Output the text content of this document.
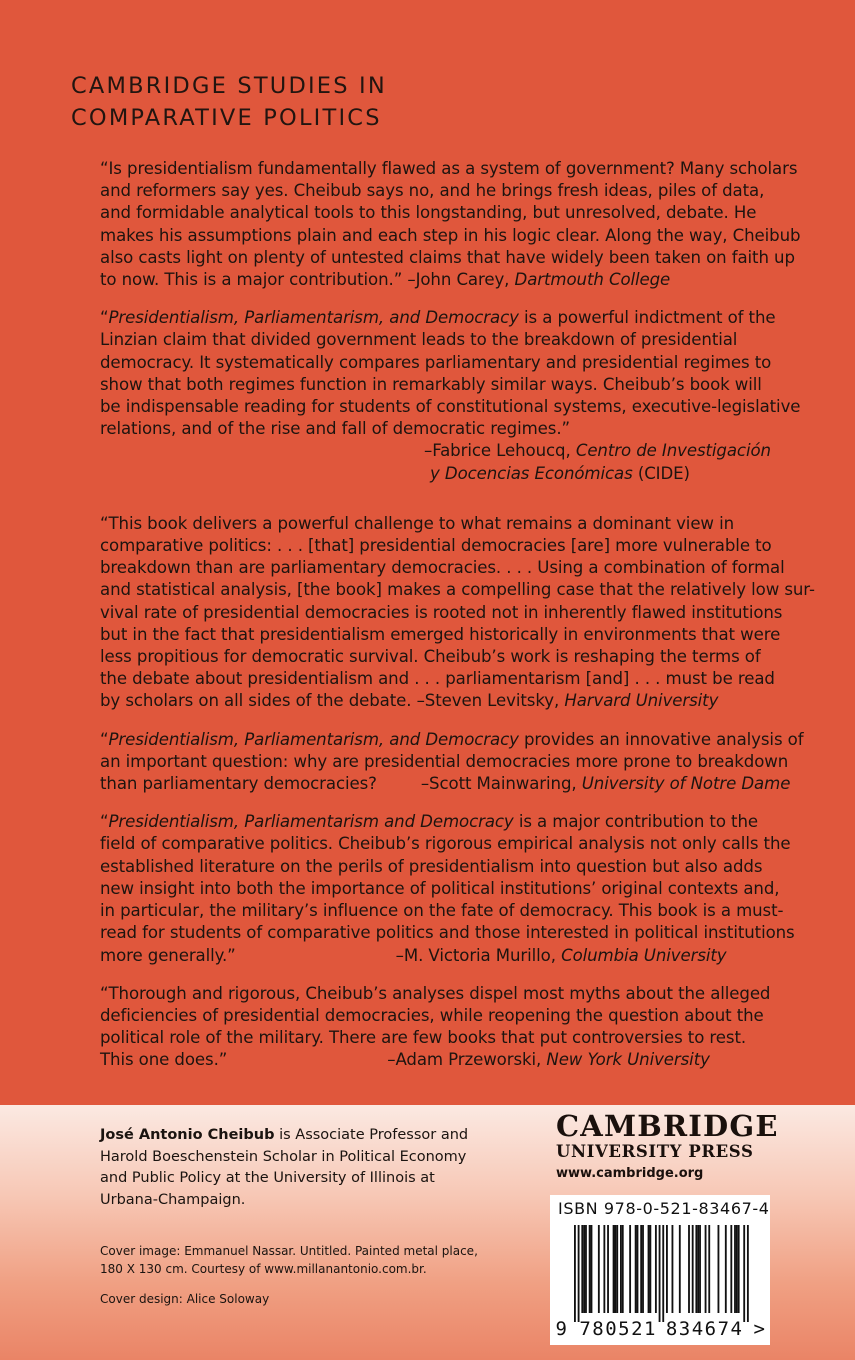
CAMBRIDGE STUDIES IN
COMPARATIVE POLITICS
“Is presidentialism fundamentally flawed as a system of government? Many scholars
and reformers say yes. Cheibub says no, and he brings fresh ideas, piles of data,
and formidable analytical tools to this longstanding, but unresolved, debate. He
makes his assumptions plain and each step in his logic clear. Along the way, Cheibub
also casts light on plenty of untested claims that have widely been taken on faith up
to now. This is a major contribution.” –John Carey, Dartmouth College
“Presidentialism, Parliamentarism, and Democracy is a powerful indictment of the
Linzian claim that divided government leads to the breakdown of presidential
democracy. It systematically compares parliamentary and presidential regimes to
show that both regimes function in remarkably similar ways. Cheibub’s book will
be indispensable reading for students of constitutional systems, executive-legislative
relations, and of the rise and fall of democratic regimes.”
–Fabrice Lehoucq, Centro de Investigación
y Docencias Económicas (CIDE)
“This book delivers a powerful challenge to what remains a dominant view in
comparative politics: . . . [that] presidential democracies [are] more vulnerable to
breakdown than are parliamentary democracies. . . . Using a combination of formal
and statistical analysis, [the book] makes a compelling case that the relatively low sur-
vival rate of presidential democracies is rooted not in inherently flawed institutions
but in the fact that presidentialism emerged historically in environments that were
less propitious for democratic survival. Cheibub’s work is reshaping the terms of
the debate about presidentialism and . . . parliamentarism [and] . . . must be read
by scholars on all sides of the debate. –Steven Levitsky, Harvard University
“Presidentialism, Parliamentarism, and Democracy provides an innovative analysis of
an important question: why are presidential democracies more prone to breakdown
than parliamentary democracies?	–Scott Mainwaring, University of Notre Dame
“Presidentialism, Parliamentarism and Democracy is a major contribution to the
field of comparative politics. Cheibub’s rigorous empirical analysis not only calls the
established literature on the perils of presidentialism into question but also adds
new insight into both the importance of political institutions’ original contexts and,
in particular, the military’s influence on the fate of democracy. This book is a must-
read for students of comparative politics and those interested in political institutions
more generally.”	–M. Victoria Murillo, Columbia University
“Thorough and rigorous, Cheibub’s analyses dispel most myths about the alleged
deficiencies of presidential democracies, while reopening the question about the
political role of the military. There are few books that put controversies to rest.
This one does.”	–Adam Przeworski, New York University
José Antonio Cheibub is Associate Professor and
Harold Boeschenstein Scholar in Political Economy
and Public Policy at the University of Illinois at
Urbana-Champaign.
Cover image: Emmanuel Nassar. Untitled. Painted metal place,
180 X 130 cm. Courtesy of www.millanantonio.com.br.
Cover design: Alice Soloway
CAMBRIDGE
UNIVERSITY PRESS
www.cambridge.org
ISBN 978-0-521-83467-4
9 780521 834674 >
